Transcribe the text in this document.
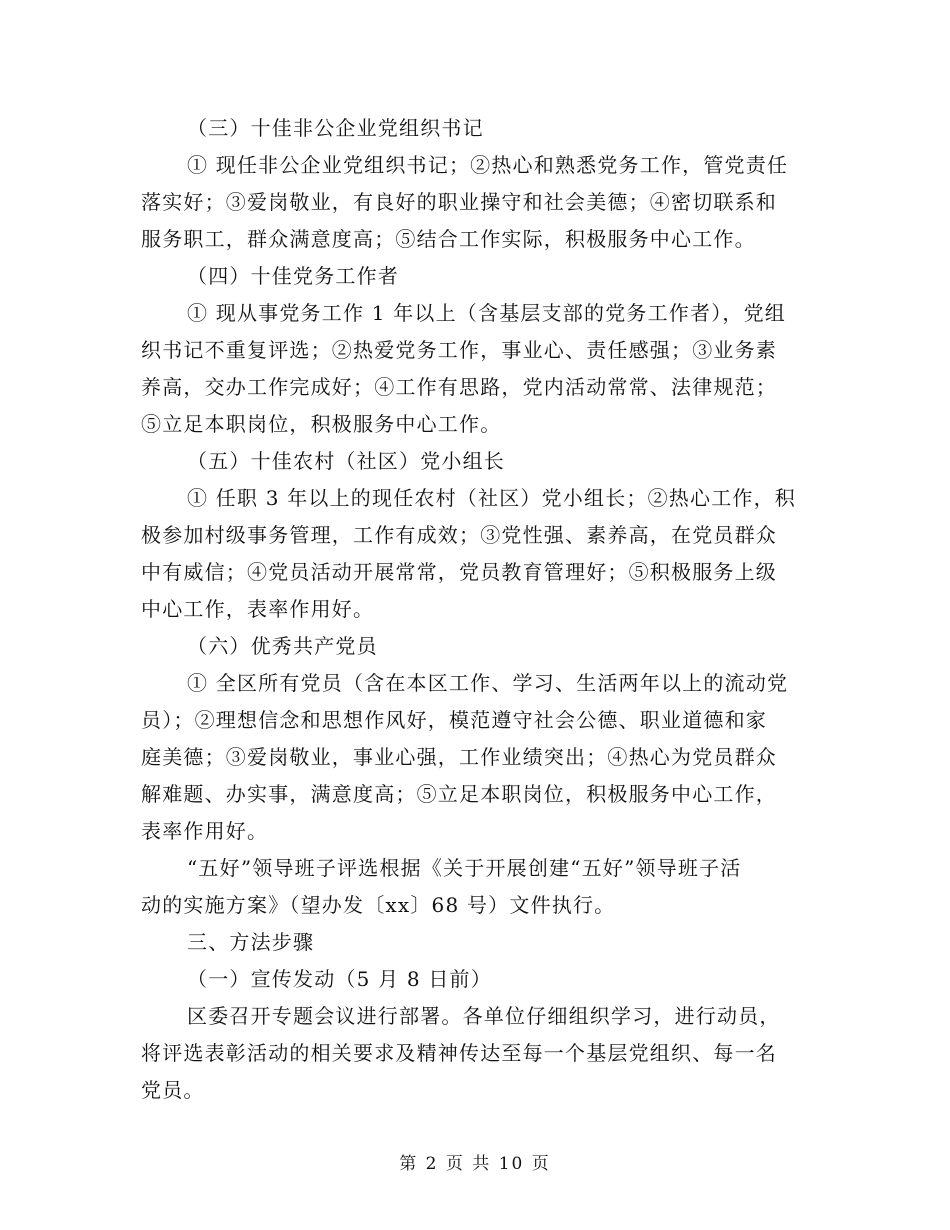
（三）十佳非公企业党组织书记
① 现任非公企业党组织书记；②热心和熟悉党务工作，管党责任
落实好；③爱岗敬业，有良好的职业操守和社会美德；④密切联系和
服务职工，群众满意度高；⑤结合工作实际，积极服务中心工作。
（四）十佳党务工作者
① 现从事党务工作 1 年以上（含基层支部的党务工作者），党组
织书记不重复评选；②热爱党务工作，事业心、责任感强；③业务素
养高，交办工作完成好；④工作有思路，党内活动常常、法律规范；
⑤立足本职岗位，积极服务中心工作。
（五）十佳农村（社区）党小组长
① 任职 3 年以上的现任农村（社区）党小组长；②热心工作，积
极参加村级事务管理，工作有成效；③党性强、素养高，在党员群众
中有威信；④党员活动开展常常，党员教育管理好；⑤积极服务上级
中心工作，表率作用好。
（六）优秀共产党员
① 全区所有党员（含在本区工作、学习、生活两年以上的流动党
员）；②理想信念和思想作风好，模范遵守社会公德、职业道德和家
庭美德；③爱岗敬业，事业心强，工作业绩突出；④热心为党员群众
解难题、办实事，满意度高；⑤立足本职岗位，积极服务中心工作，
表率作用好。
“五好”领导班子评选根据《关于开展创建“五好”领导班子活
动的实施方案》（望办发〔xx〕68 号）文件执行。
三、方法步骤
（一）宣传发动（5 月 8 日前）
区委召开专题会议进行部署。各单位仔细组织学习，进行动员，
将评选表彰活动的相关要求及精神传达至每一个基层党组织、每一名
党员。
第 2 页 共 10 页
